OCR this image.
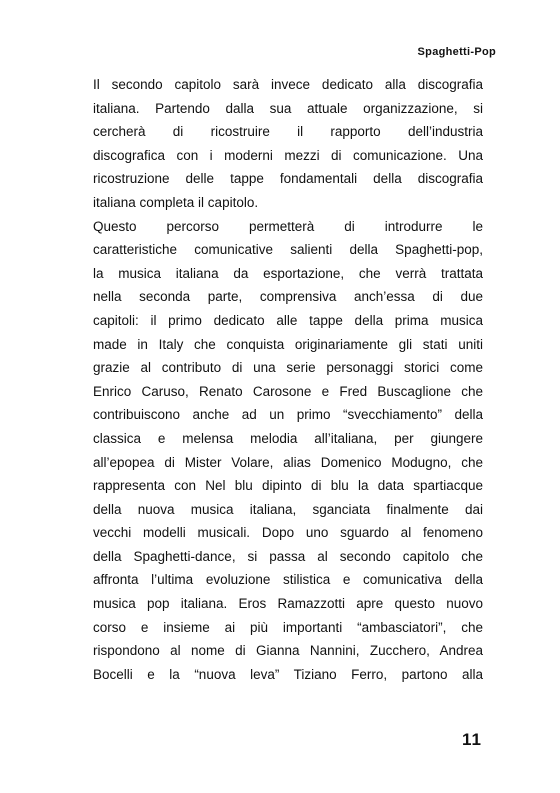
Spaghetti-Pop
Il secondo capitolo sarà invece dedicato alla discografia
italiana. Partendo dalla sua attuale organizzazione, si
cercherà di ricostruire il rapporto dell’industria
discografica con i moderni mezzi di comunicazione. Una
ricostruzione delle tappe fondamentali della discografia
italiana completa il capitolo.
Questo percorso permetterà di introdurre le
caratteristiche comunicative salienti della Spaghetti-pop,
la musica italiana da esportazione, che verrà trattata
nella seconda parte, comprensiva anch’essa di due
capitoli: il primo dedicato alle tappe della prima musica
made in Italy che conquista originariamente gli stati uniti
grazie al contributo di una serie personaggi storici come
Enrico Caruso, Renato Carosone e Fred Buscaglione che
contribuiscono anche ad un primo “svecchiamento” della
classica e melensa melodia all’italiana, per giungere
all’epopea di Mister Volare, alias Domenico Modugno, che
rappresenta con Nel blu dipinto di blu la data spartiacque
della nuova musica italiana, sganciata finalmente dai
vecchi modelli musicali. Dopo uno sguardo al fenomeno
della Spaghetti-dance, si passa al secondo capitolo che
affronta l’ultima evoluzione stilistica e comunicativa della
musica pop italiana. Eros Ramazzotti apre questo nuovo
corso e insieme ai più importanti “ambasciatori”, che
rispondono al nome di Gianna Nannini, Zucchero, Andrea
Bocelli e la “nuova leva” Tiziano Ferro, partono alla
11
